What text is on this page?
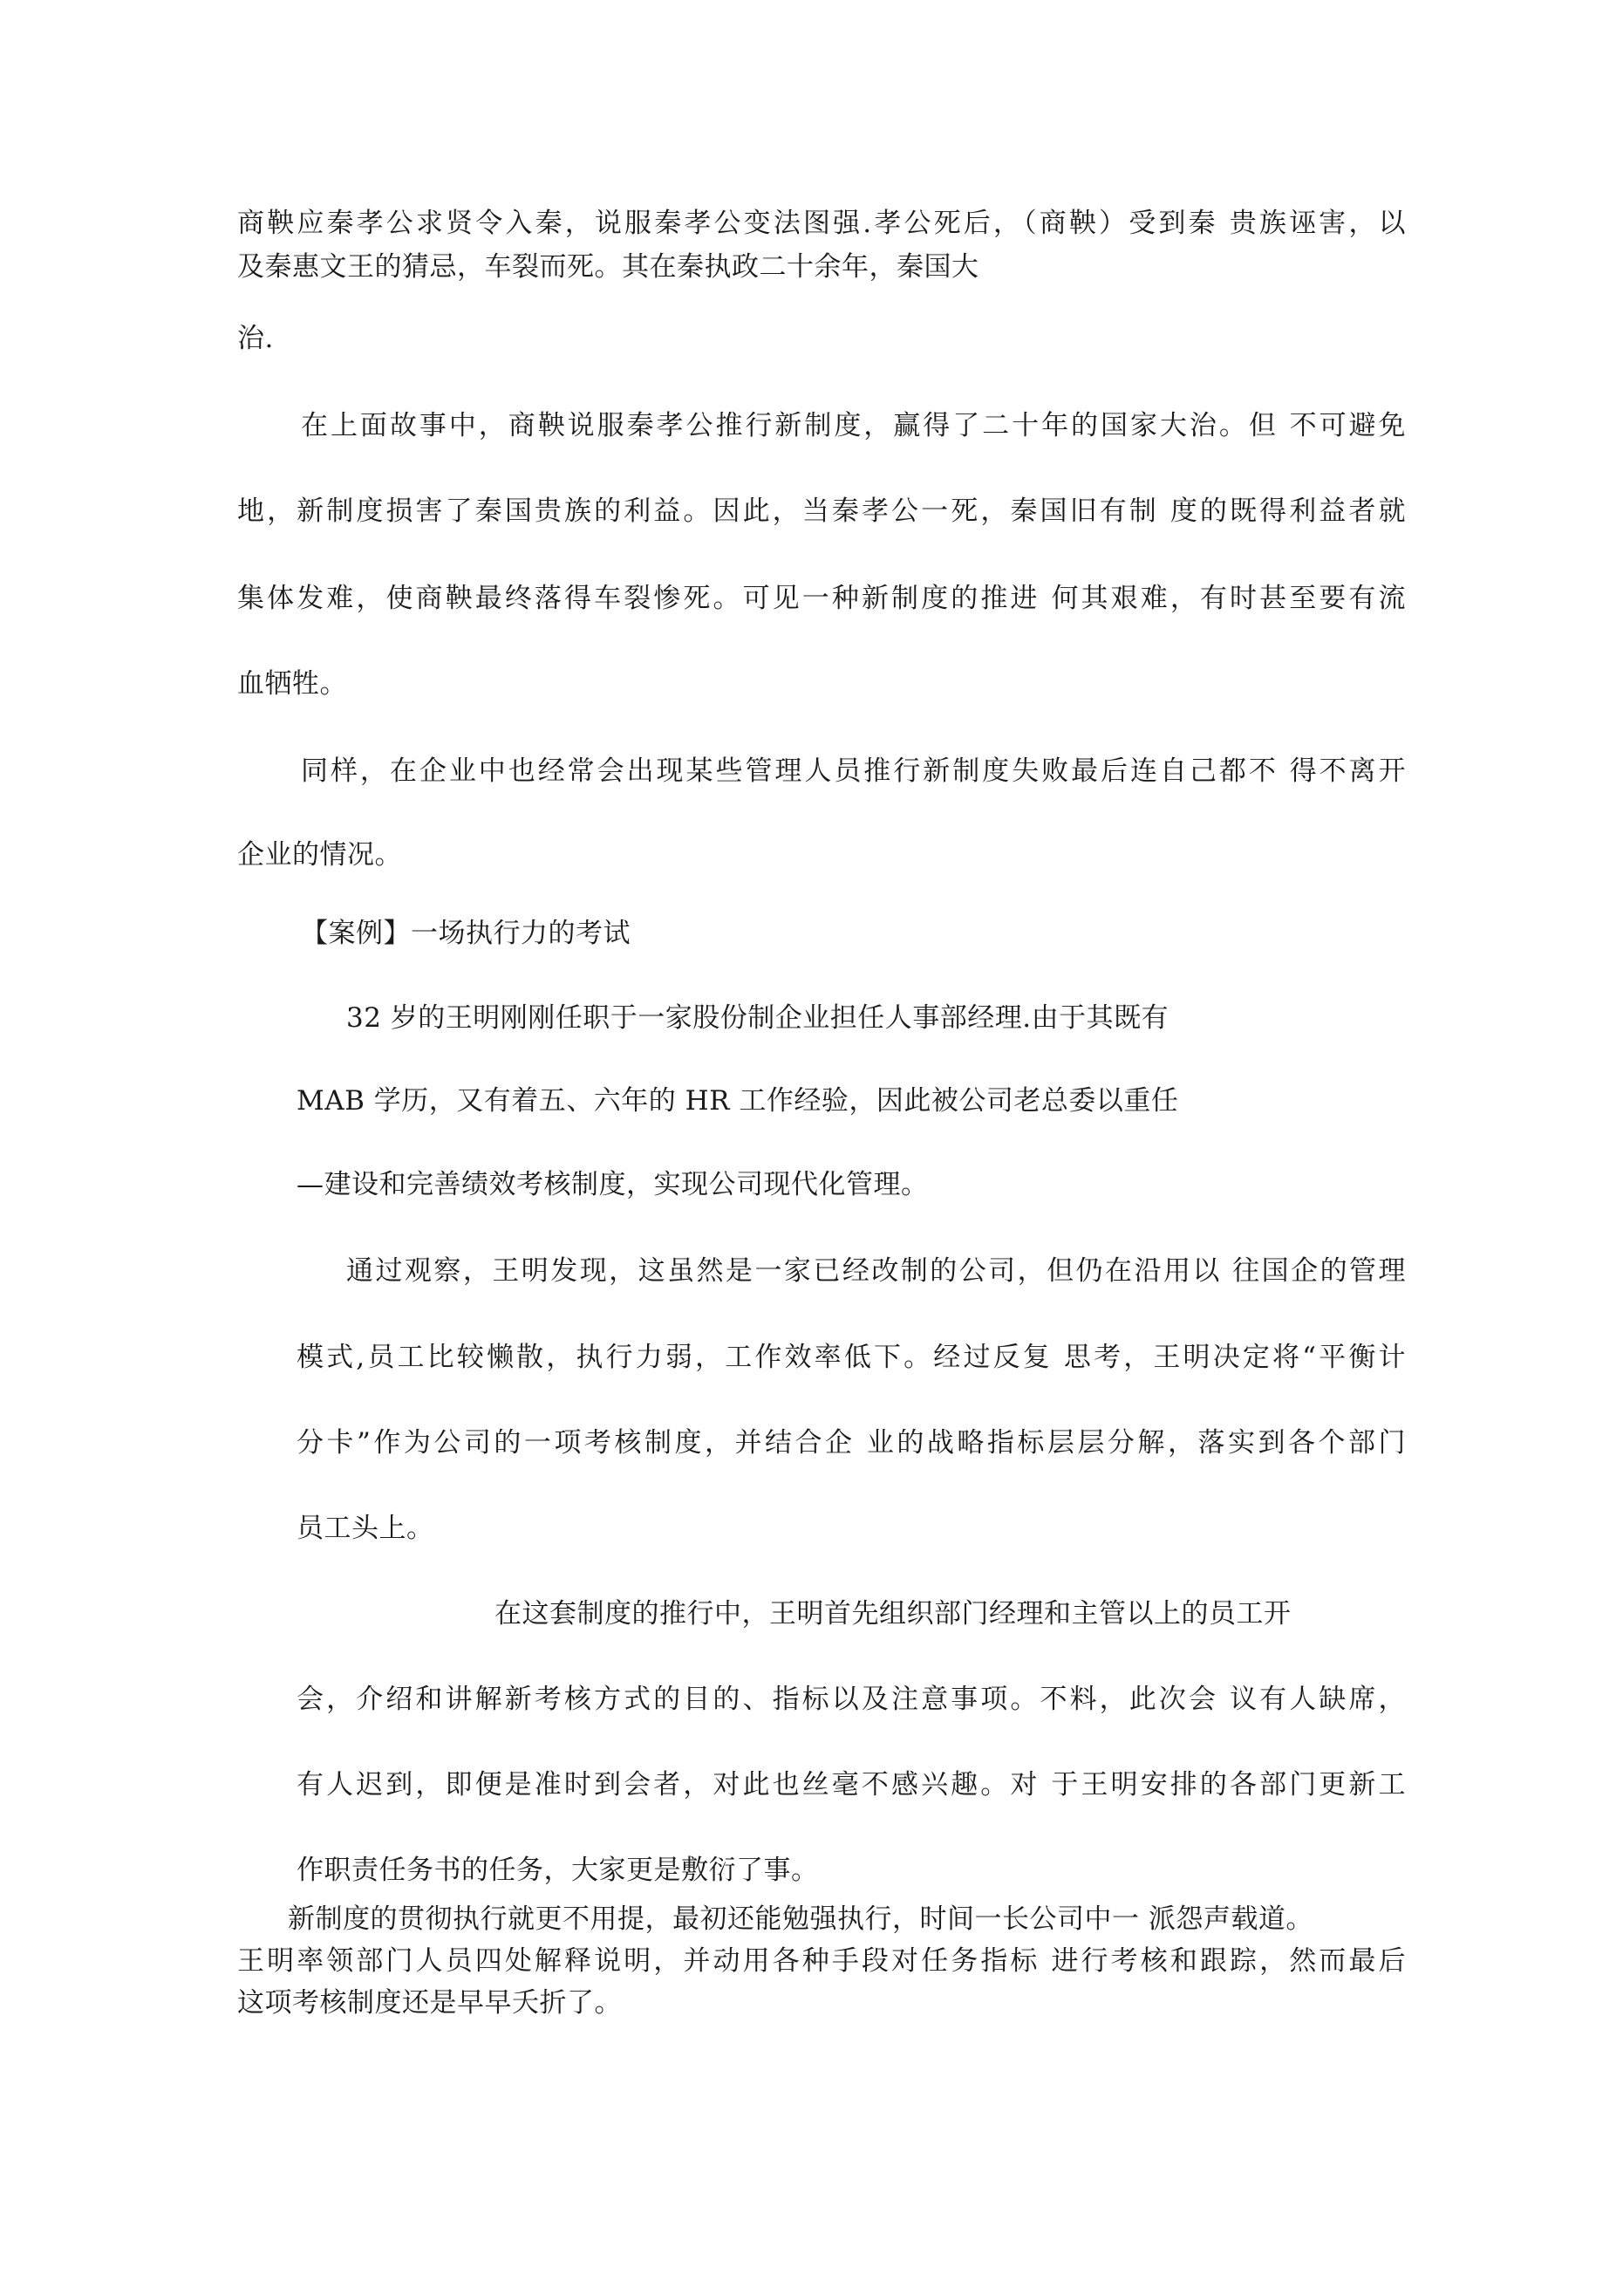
商鞅应秦孝公求贤令入秦，说服秦孝公变法图强.孝公死后，（商鞅）受到秦 贵族诬害，以
及秦惠文王的猜忌，车裂而死。其在秦执政二十余年，秦国大
治.
在上面故事中，商鞅说服秦孝公推行新制度，赢得了二十年的国家大治。但 不可避免
地，新制度损害了秦国贵族的利益。因此，当秦孝公一死，秦国旧有制 度的既得利益者就
集体发难，使商鞅最终落得车裂惨死。可见一种新制度的推进 何其艰难，有时甚至要有流
血牺牲。
同样，在企业中也经常会出现某些管理人员推行新制度失败最后连自己都不 得不离开
企业的情况。
【案例】一场执行力的考试
32 岁的王明刚刚任职于一家股份制企业担任人事部经理.由于其既有
MAB 学历，又有着五、六年的 HR 工作经验，因此被公司老总委以重任
—建设和完善绩效考核制度，实现公司现代化管理。
通过观察，王明发现，这虽然是一家已经改制的公司，但仍在沿用以 往国企的管理
模式,员工比较懒散，执行力弱，工作效率低下。经过反复 思考，王明决定将“平衡计
分卡”作为公司的一项考核制度，并结合企 业的战略指标层层分解，落实到各个部门
员工头上。
在这套制度的推行中，王明首先组织部门经理和主管以上的员工开
会，介绍和讲解新考核方式的目的、指标以及注意事项。不料，此次会 议有人缺席，
有人迟到，即便是准时到会者，对此也丝毫不感兴趣。对 于王明安排的各部门更新工
作职责任务书的任务，大家更是敷衍了事。
新制度的贯彻执行就更不用提，最初还能勉强执行，时间一长公司中一 派怨声载道。
王明率领部门人员四处解释说明，并动用各种手段对任务指标 进行考核和跟踪，然而最后
这项考核制度还是早早夭折了。
